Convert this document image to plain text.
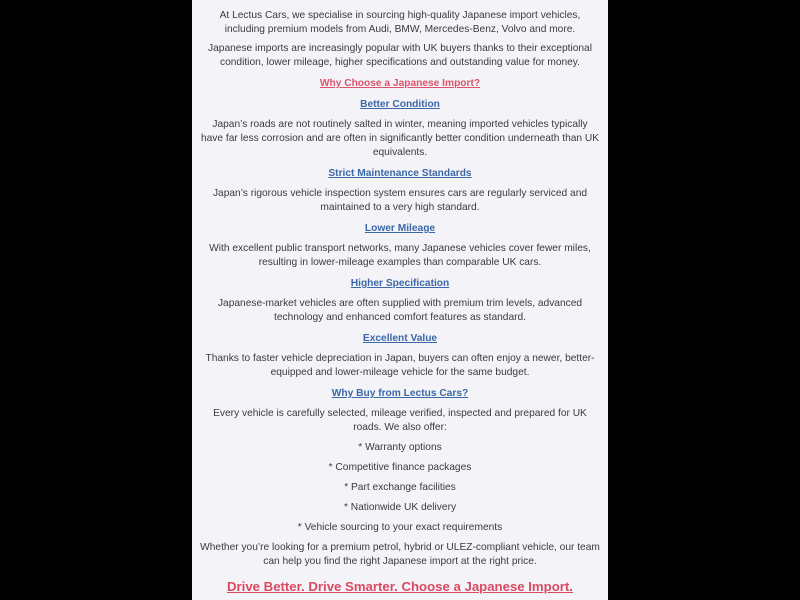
At Lectus Cars, we specialise in sourcing high-quality Japanese import vehicles, including premium models from Audi, BMW, Mercedes-Benz, Volvo and more.

Japanese imports are increasingly popular with UK buyers thanks to their exceptional condition, lower mileage, higher specifications and outstanding value for money.

Why Choose a Japanese Import?
Better Condition

Japan’s roads are not routinely salted in winter, meaning imported vehicles typically have far less corrosion and are often in significantly better condition underneath than UK equivalents.

Strict Maintenance Standards

Japan’s rigorous vehicle inspection system ensures cars are regularly serviced and maintained to a very high standard.

Lower Mileage

With excellent public transport networks, many Japanese vehicles cover fewer miles, resulting in lower-mileage examples than comparable UK cars.

Higher Specification

Japanese-market vehicles are often supplied with premium trim levels, advanced technology and enhanced comfort features as standard.

Excellent Value

Thanks to faster vehicle depreciation in Japan, buyers can often enjoy a newer, better-equipped and lower-mileage vehicle for the same budget.

Why Buy from Lectus Cars?

Every vehicle is carefully selected, mileage verified, inspected and prepared for UK roads. We also offer:

* Warranty options

* Competitive finance packages

* Part exchange facilities

* Nationwide UK delivery

* Vehicle sourcing to your exact requirements

Whether you’re looking for a premium petrol, hybrid or ULEZ-compliant vehicle, our team can help you find the right Japanese import at the right price.

Drive Better. Drive Smarter. Choose a Japanese Import.
